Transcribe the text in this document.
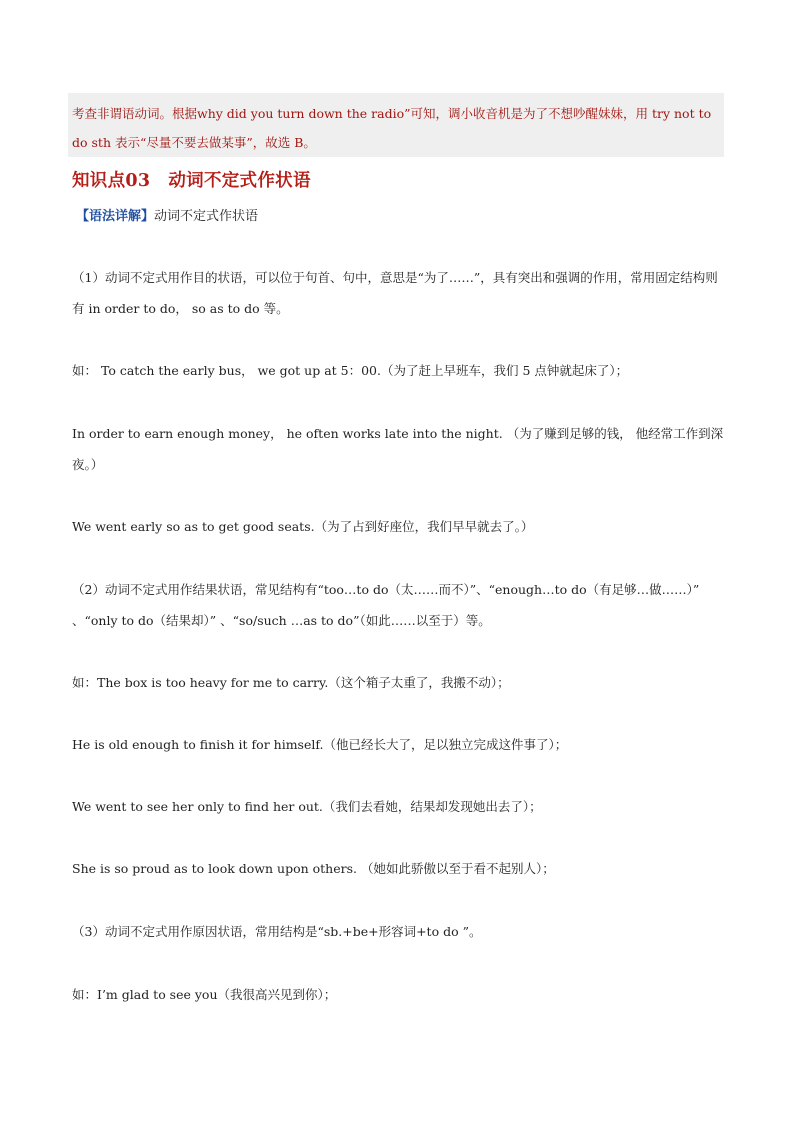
考查非谓语动词。根据why did you turn down the radio”可知，调小收音机是为了不想吵醒妹妹，用 try not to
do sth 表示“尽量不要去做某事”，故选 B。
知识点03 动词不定式作状语
【语法详解】动词不定式作状语
（1）动词不定式用作目的状语，可以位于句首、句中，意思是“为了……”，具有突出和强调的作用，常用固定结构则有 in order to do， so as to do 等。
如： To catch the early bus， we got up at 5：00.（为了赶上早班车，我们 5 点钟就起床了）；
In order to earn enough money， he often works late into the night. （为了赚到足够的钱， 他经常工作到深夜。）
We went early so as to get good seats.（为了占到好座位，我们早早就去了。）
（2）动词不定式用作结果状语，常见结构有“too…to do（太……而不）”、“enough…to do（有足够…做……）” 、“only to do（结果却）” 、“so/such …as to do”（如此……以至于）等。
如：The box is too heavy for me to carry.（这个箱子太重了，我搬不动）；
He is old enough to finish it for himself.（他已经长大了，足以独立完成这件事了）；
We went to see her only to find her out.（我们去看她，结果却发现她出去了）；
She is so proud as to look down upon others. （她如此骄傲以至于看不起别人）；
（3）动词不定式用作原因状语，常用结构是“sb.+be+形容词+to do ”。
如：I’m glad to see you（我很高兴见到你）；
